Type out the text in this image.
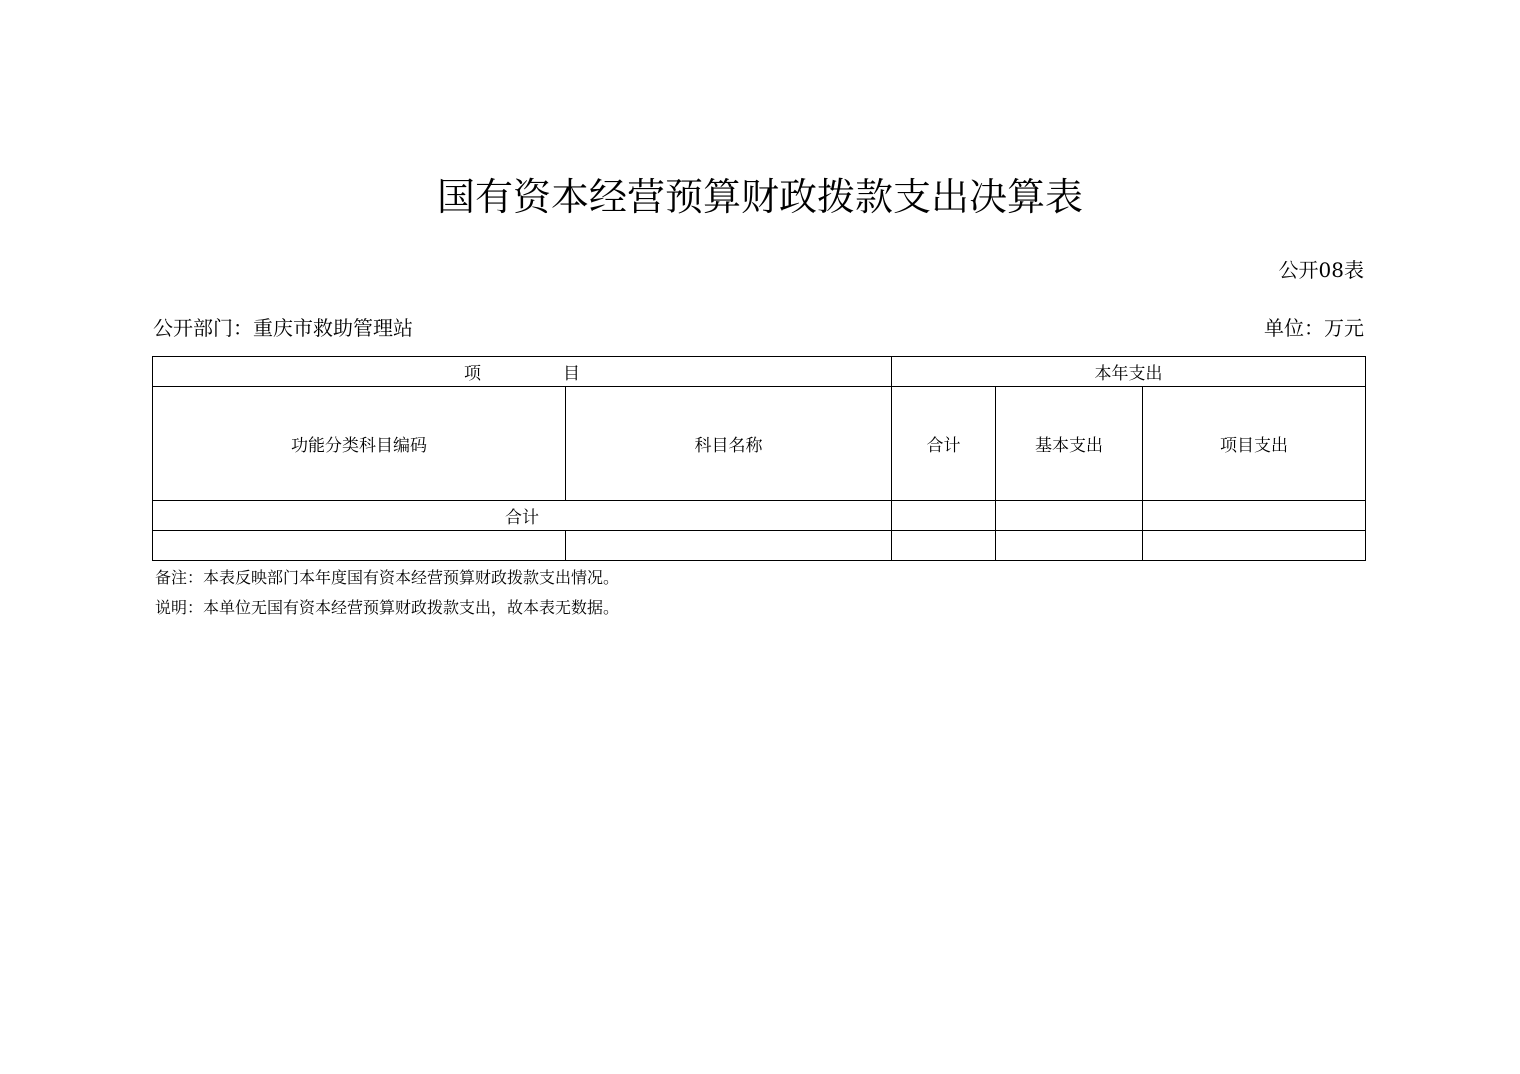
国有资本经营预算财政拨款支出决算表
公开08表
公开部门：重庆市救助管理站	单位：万元
项 目		本年支出		
功能分类科目编码	科目名称	合计	基本支出	项目支出
合计				

备注：本表反映部门本年度国有资本经营预算财政拨款支出情况。
说明：本单位无国有资本经营预算财政拨款支出，故本表无数据。
